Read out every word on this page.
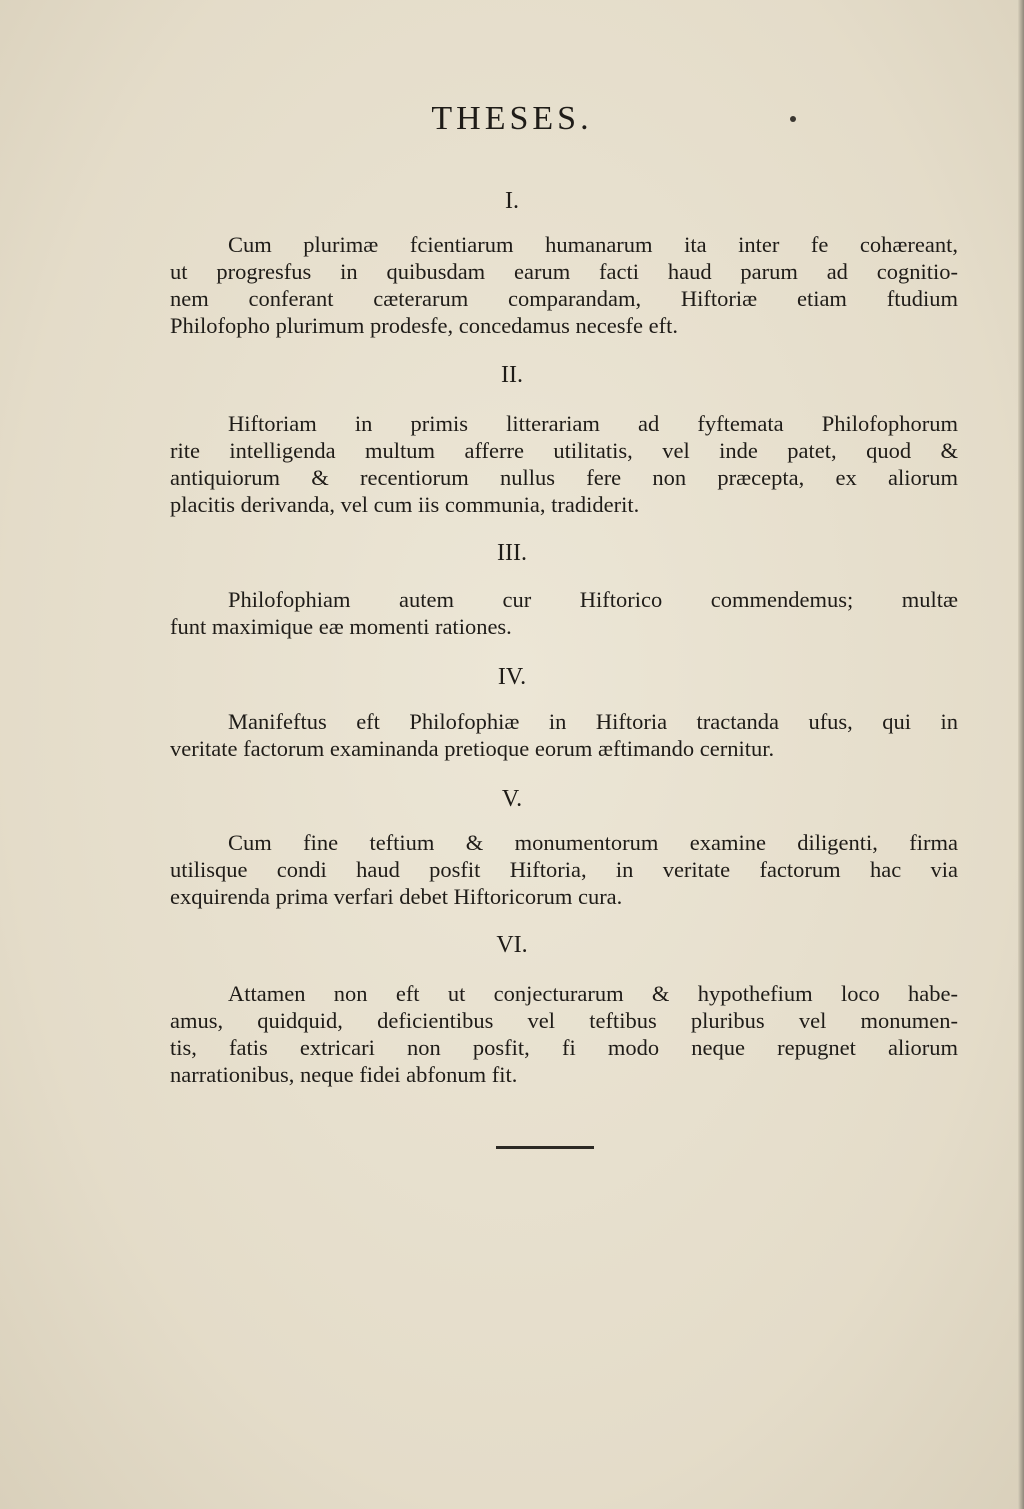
THESES.
I.
Cum plurimæ fcientiarum humanarum ita inter fe cohæreant,
ut progresfus in quibusdam earum facti haud parum ad cognitio-
nem conferant cæterarum comparandam, Hiftoriæ etiam ftudium
Philofopho plurimum prodesfe, concedamus necesfe eft.
II.
Hiftoriam in primis litterariam ad fyftemata Philofophorum
rite intelligenda multum afferre utilitatis, vel inde patet, quod &
antiquiorum & recentiorum nullus fere non præcepta, ex aliorum
placitis derivanda, vel cum iis communia, tradiderit.
III.
Philofophiam autem cur Hiftorico commendemus; multæ
funt maximique eæ momenti rationes.
IV.
Manifeftus eft Philofophiæ in Hiftoria tractanda ufus, qui in
veritate factorum examinanda pretioque eorum æftimando cernitur.
V.
Cum fine teftium & monumentorum examine diligenti, firma
utilisque condi haud posfit Hiftoria, in veritate factorum hac via
exquirenda prima verfari debet Hiftoricorum cura.
VI.
Attamen non eft ut conjecturarum & hypothefium loco habe-
amus, quidquid, deficientibus vel teftibus pluribus vel monumen-
tis, fatis extricari non posfit, fi modo neque repugnet aliorum
narrationibus, neque fidei abfonum fit.
